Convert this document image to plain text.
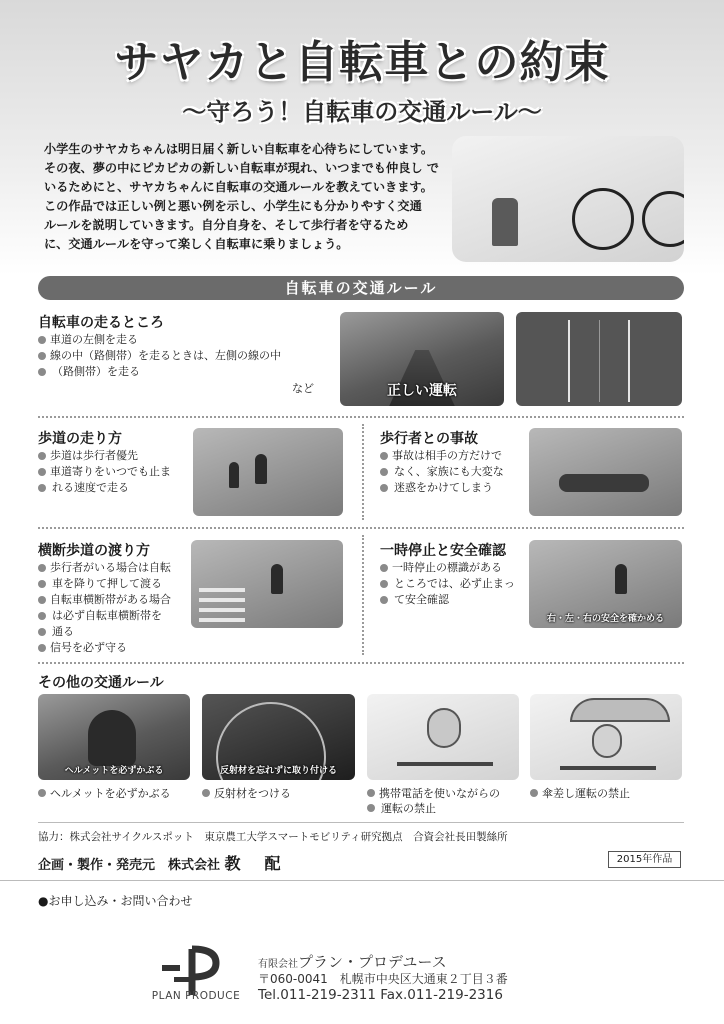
サヤカと自転車との約束
〜守ろう！自転車の交通ルール〜

小学生のサヤカちゃんは明日届く新しい自転車を心待ちにしています。

その夜、夢の中にピカピカの新しい自転車が現れ、いつまでも仲良し で

いるためにと、サヤカちゃんに自転車の交通ルールを教えていきます。

この作品では正しい例と悪い例を示し、小学生にも分かりやすく交通

ルールを説明していきます。自分自身を、そして歩行者を守るため

に、交通ルールを守って楽しく自転車に乗りましょう。

自転車の交通ルール
自転車の走るところ
車道の左側を走る
線の中（路側帯）を走るときは、左側の線の中
（路側帯）を走る
など	正しい運転
歩道の走り方
歩道は歩行者優先
車道寄りをいつでも止ま
れる速度で走る
歩行者との事故
事故は相手の方だけで
なく、家族にも大変な
迷惑をかけてしまう
横断歩道の渡り方
歩行者がいる場合は自転
車を降りて押して渡る
自転車横断帯がある場合
は必ず自転車横断帯を
通る
信号を必ず守る
一時停止と安全確認
一時停止の標識がある
ところでは、必ず止まっ
て安全確認
右・左・右の安全を確かめる
その他の交通ルール
ヘルメットを必ずかぶる	反射材を忘れずに取り付ける
ヘルメットを必ずかぶる	反射材をつける	携帯電話を使いながらの
運転の禁止
傘差し運転の禁止
協力：株式会社サイクルスポット　東京農工大学スマートモビリティ研究拠点　合資会社長田製絲所
企画・製作・発売元　株式会社 教　配	2015年作品
●お申し込み・お問い合わせ
PLAN PRODUCE
有限会社プラン・プロデユース
〒060-0041　札幌市中央区大通東２丁目３番
Tel.011-219-2311 Fax.011-219-2316
